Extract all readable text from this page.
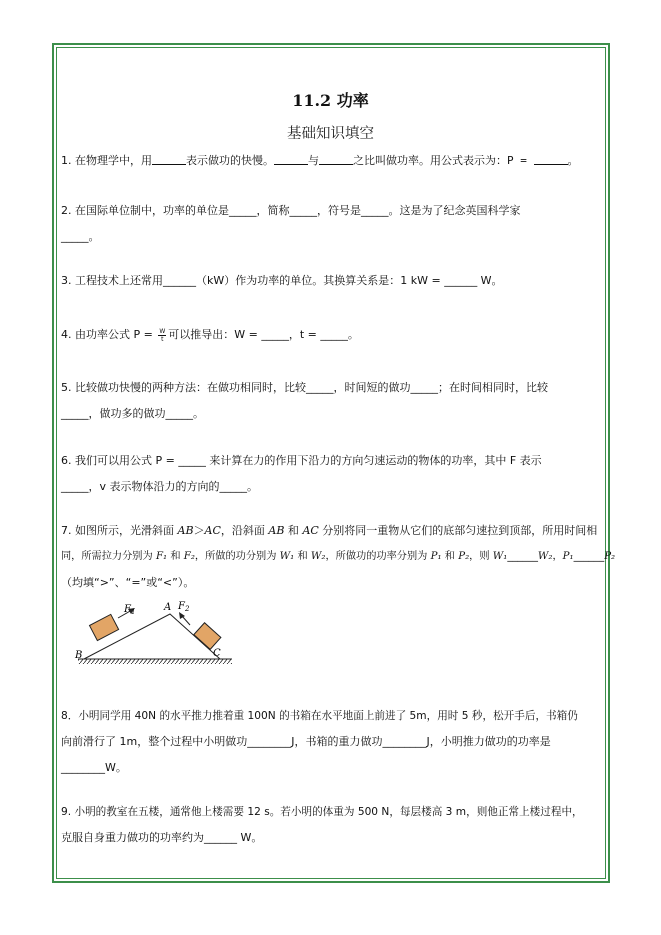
11.2 功率
基础知识填空
1. 在物理学中，用	表示做功的快慢。	与	之比叫做功率。用公式表示为：P =	。
2. 在国际单位制中，功率的单位是_____，简称_____，符号是_____。这是为了纪念英国科学家
_____。
3. 工程技术上还常用______（kW）作为功率的单位。其换算关系是：1 kW = ______ W。
4. 由功率公式 $P = \frac{W}{t}$ 可以推导出：W = _____，t = _____。
5. 比较做功快慢的两种方法：在做功相同时，比较_____，时间短的做功_____；在时间相同时，比较
_____，做功多的做功_____。
6. 我们可以用公式 P = _____ 来计算在力的作用下沿力的方向匀速运动的物体的功率，其中 F 表示
_____，v 表示物体沿力的方向的_____。
7. 如图所示，光滑斜面 AB＞AC，沿斜面 AB 和 AC 分别将同一重物从它们的底部匀速拉到顶部，所用时间相
同，所需拉力分别为 F₁ 和 F₂，所做的功分别为 W₁ 和 W₂，所做功的功率分别为 P₁ 和 P₂，则 W₁______W₂，P₁______P₂
（均填“>”、“=”或“<”）。
$F_1$	$F_2$
A
B	C
8．小明同学用 40N 的水平推力推着重 100N 的书箱在水平地面上前进了 5m，用时 5 秒，松开手后，书箱仍
向前滑行了 1m，整个过程中小明做功________J，书箱的重力做功________J，小明推力做功的功率是
________W。
9. 小明的教室在五楼，通常他上楼需要 12 s。若小明的体重为 500 N，每层楼高 3 m，则他正常上楼过程中，
克服自身重力做功的功率约为______ W。
